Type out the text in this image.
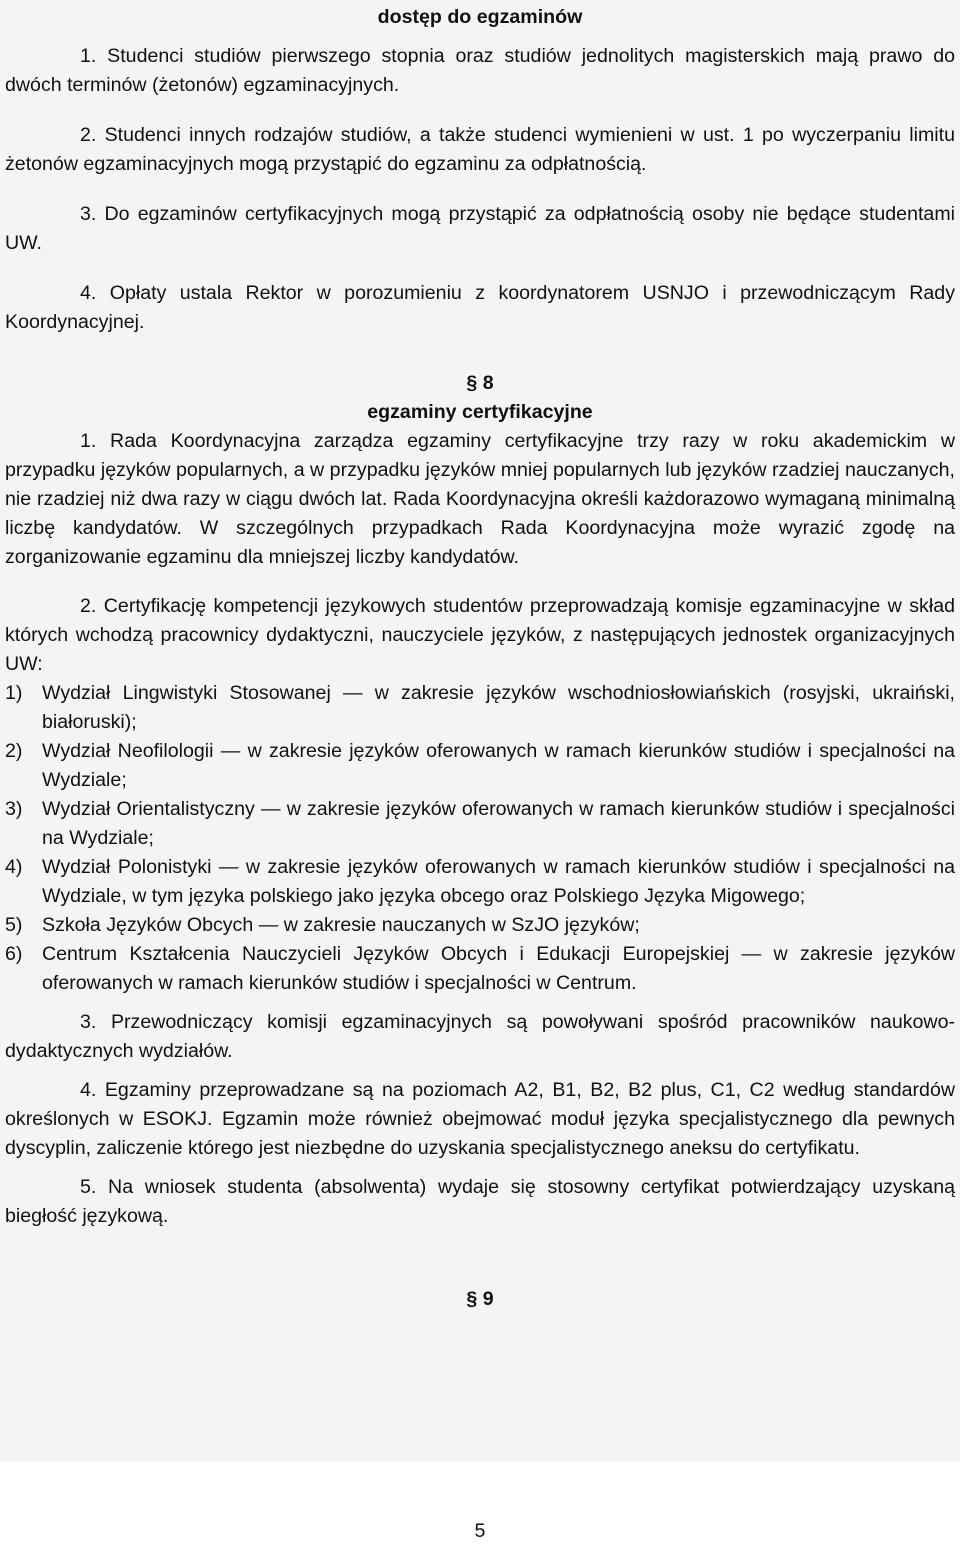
dostęp do egzaminów

1. Studenci studiów pierwszego stopnia oraz studiów jednolitych magisterskich mają prawo do dwóch terminów (żetonów) egzaminacyjnych.

2. Studenci innych rodzajów studiów, a także studenci wymienieni w ust. 1 po wyczerpaniu limitu żetonów egzaminacyjnych mogą przystąpić do egzaminu za odpłatnością.

3. Do egzaminów certyfikacyjnych mogą przystąpić za odpłatnością osoby nie będące studentami UW.

4. Opłaty ustala Rektor w porozumieniu z koordynatorem USNJO i przewodniczącym Rady Koordynacyjnej.

§ 8

egzaminy certyfikacyjne

1. Rada Koordynacyjna zarządza egzaminy certyfikacyjne trzy razy w roku akademickim w przypadku języków popularnych, a w przypadku języków mniej popularnych lub języków rzadziej nauczanych, nie rzadziej niż dwa razy w ciągu dwóch lat. Rada Koordynacyjna określi każdorazowo wymaganą minimalną liczbę kandydatów. W szczególnych przypadkach Rada Koordynacyjna może wyrazić zgodę na zorganizowanie egzaminu dla mniejszej liczby kandydatów.

2. Certyfikację kompetencji językowych studentów przeprowadzają komisje egzaminacyjne w skład których wchodzą pracownicy dydaktyczni, nauczyciele języków, z następujących jednostek organizacyjnych UW:

1) Wydział Lingwistyki Stosowanej — w zakresie języków wschodniosłowiańskich (rosyjski, ukraiński, białoruski);
2) Wydział Neofilologii — w zakresie języków oferowanych w ramach kierunków studiów i specjalności na Wydziale;
3) Wydział Orientalistyczny — w zakresie języków oferowanych w ramach kierunków studiów i specjalności na Wydziale;
4) Wydział Polonistyki — w zakresie języków oferowanych w ramach kierunków studiów i specjalności na Wydziale, w tym języka polskiego jako języka obcego oraz Polskiego Języka Migowego;
5) Szkoła Języków Obcych — w zakresie nauczanych w SzJO języków;
6) Centrum Kształcenia Nauczycieli Języków Obcych i Edukacji Europejskiej — w zakresie języków oferowanych w ramach kierunków studiów i specjalności w Centrum.

3. Przewodniczący komisji egzaminacyjnych są powoływani spośród pracowników naukowo-dydaktycznych wydziałów.

4. Egzaminy przeprowadzane są na poziomach A2, B1, B2, B2 plus, C1, C2 według standardów określonych w ESOKJ. Egzamin może również obejmować moduł języka specjalistycznego dla pewnych dyscyplin, zaliczenie którego jest niezbędne do uzyskania specjalistycznego aneksu do certyfikatu.

5. Na wniosek studenta (absolwenta) wydaje się stosowny certyfikat potwierdzający uzyskaną biegłość językową.

§ 9

5
